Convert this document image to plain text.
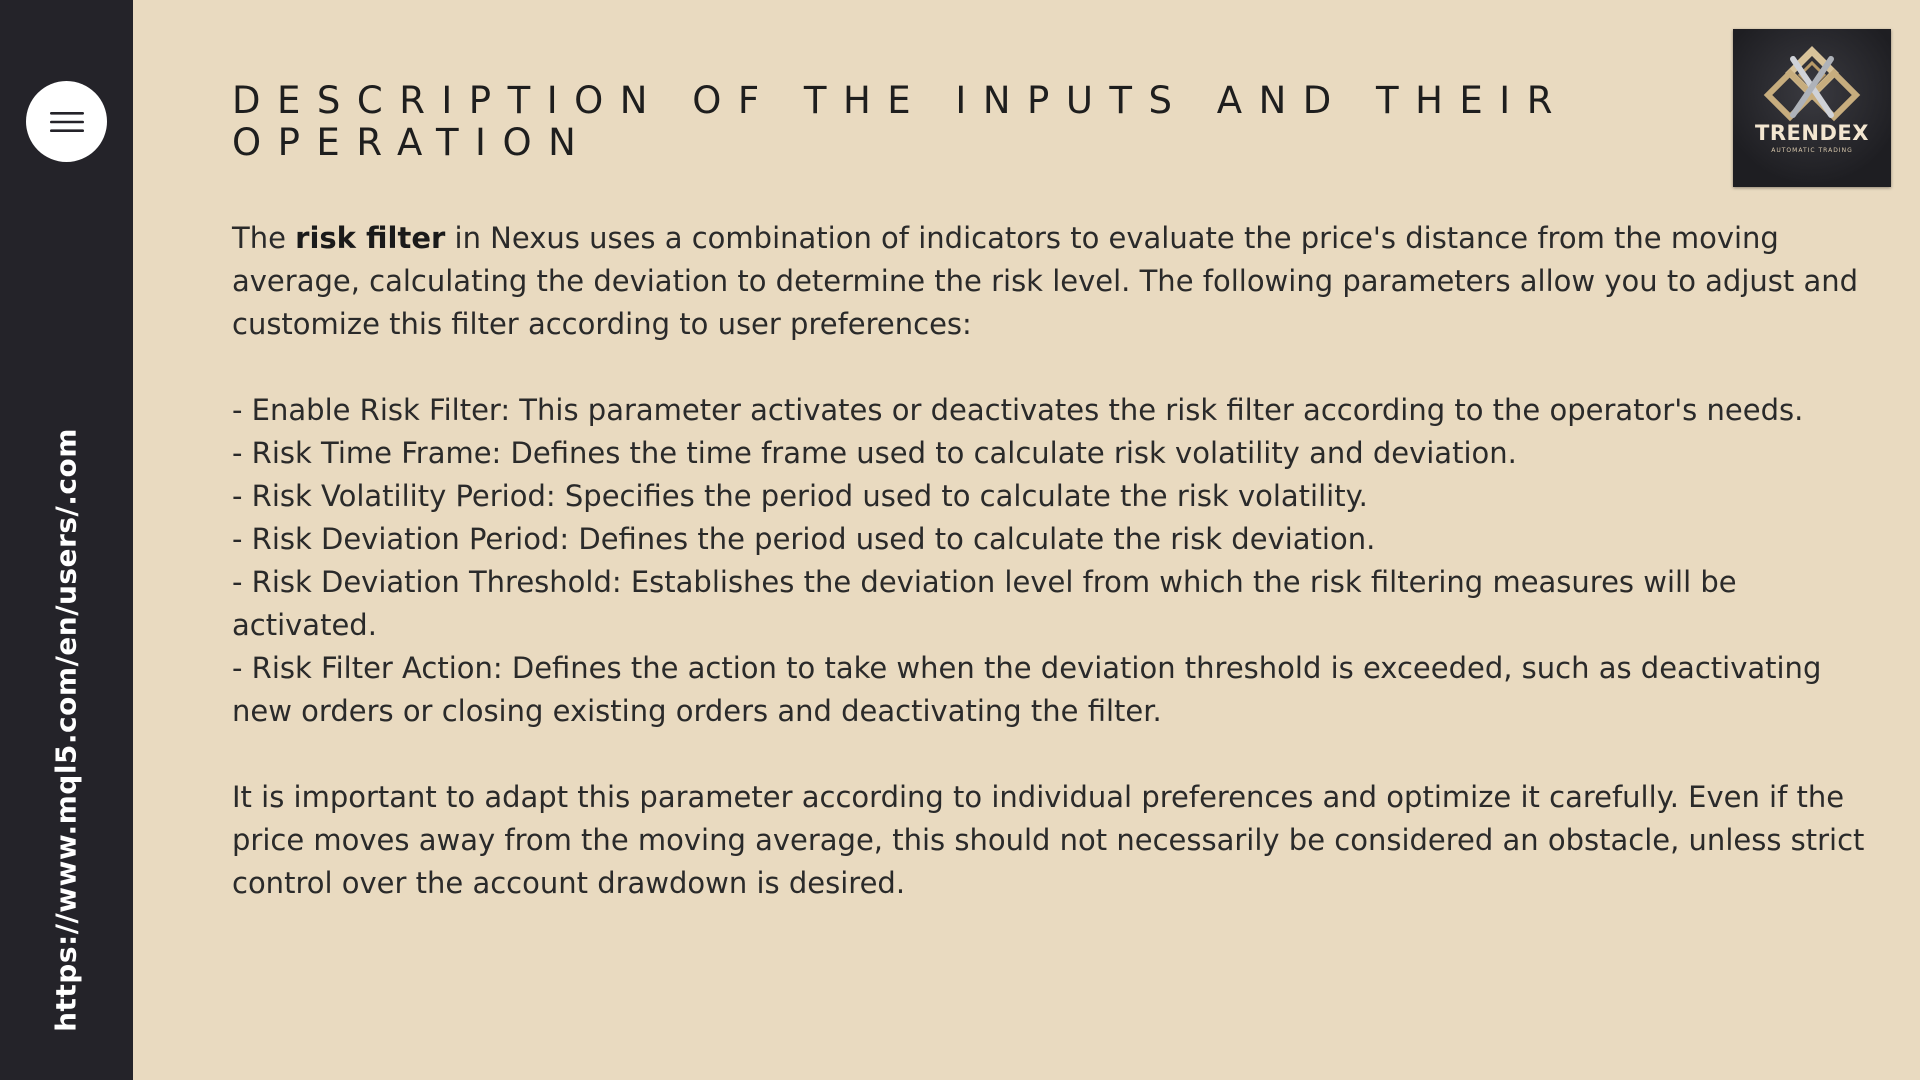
https://www.mql5.com/en/users/.com
TRENDEX
AUTOMATIC TRADING
DESCRIPTION OF THE INPUTS AND THEIR OPERATION

The risk filter in Nexus uses a combination of indicators to evaluate the price's distance from the moving average, calculating the deviation to determine the risk level. The following parameters allow you to adjust and customize this filter according to user preferences:

- Enable Risk Filter: This parameter activates or deactivates the risk filter according to the operator's needs.

- Risk Time Frame: Defines the time frame used to calculate risk volatility and deviation.

- Risk Volatility Period: Specifies the period used to calculate the risk volatility.

- Risk Deviation Period: Defines the period used to calculate the risk deviation.

- Risk Deviation Threshold: Establishes the deviation level from which the risk filtering measures will be activated.

- Risk Filter Action: Defines the action to take when the deviation threshold is exceeded, such as deactivating new orders or closing existing orders and deactivating the filter.

It is important to adapt this parameter according to individual preferences and optimize it carefully. Even if the price moves away from the moving average, this should not necessarily be considered an obstacle, unless strict control over the account drawdown is desired.
